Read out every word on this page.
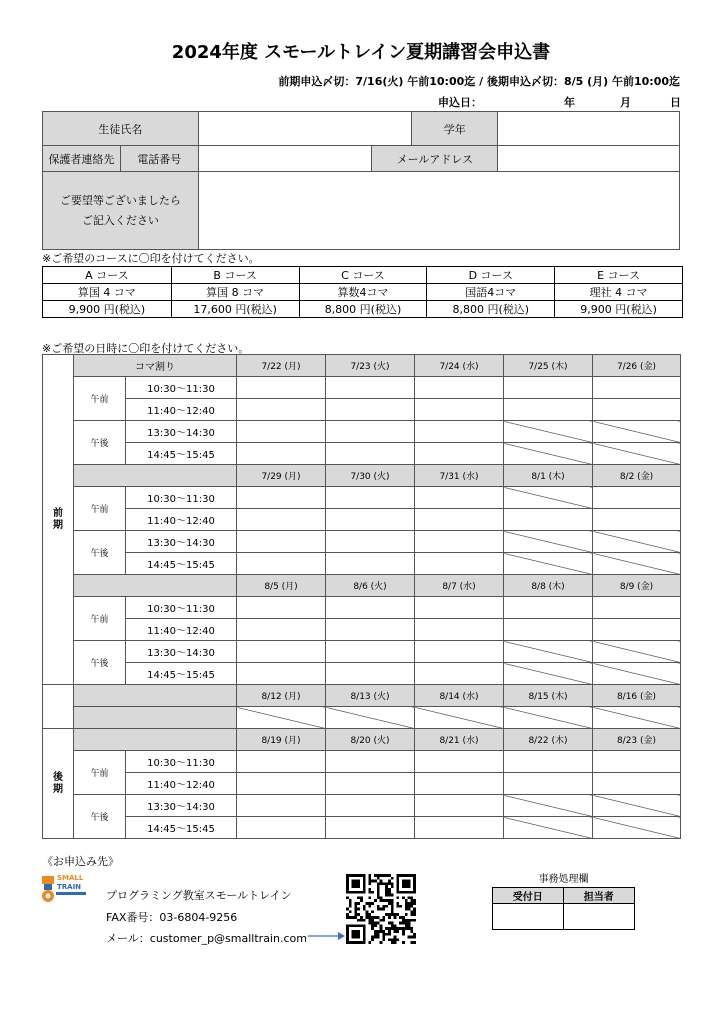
2024年度 スモールトレイン夏期講習会申込書
前期申込〆切：7/16(火) 午前10:00迄 / 後期申込〆切：8/5 (月) 午前10:00迄
申込日：	年	月	日
生徒氏名				学年	
保護者連絡先	電話番号		メールアドレス		
ご要望等ございましたら
ご記入ください					
※ご希望のコースに〇印を付けてください。
A コース	B コース	C コース	D コース	E コース
算国 4 コマ	算国 8 コマ	算数4コマ	国語4コマ	理社 4 コマ
9,900 円(税込)	17,600 円(税込)	8,800 円(税込)	8,800 円(税込)	9,900 円(税込)
※ご希望の日時に〇印を付けてください。
前
期	コマ割り		7/22 (月)	7/23 (火)	7/24 (水)	7/25 (木)	7/26 (金)
	午前	10:30～11:30					
		11:40～12:40					
	午後	13:30～14:30					
		14:45～15:45					
			7/29 (月)	7/30 (火)	7/31 (水)	8/1 (木)	8/2 (金)
	午前	10:30～11:30					
		11:40～12:40					
	午後	13:30～14:30					
		14:45～15:45					
			8/5 (月)	8/6 (火)	8/7 (水)	8/8 (木)	8/9 (金)
	午前	10:30～11:30					
		11:40～12:40					
	午後	13:30～14:30					
		14:45～15:45					
			8/12 (月)	8/13 (火)	8/14 (水)	8/15 (木)	8/16 (金)

後
期			8/19 (月)	8/20 (火)	8/21 (水)	8/22 (木)	8/23 (金)
	午前	10:30～11:30					
		11:40～12:40					
	午後	13:30～14:30					
		14:45～15:45					
《お申込み先》
SMALL
TRAIN
プログラミング教室スモールトレイン
FAX番号：03-6804-9256
メール：customer_p@smalltrain.com
事務処理欄
受付日	担当者
